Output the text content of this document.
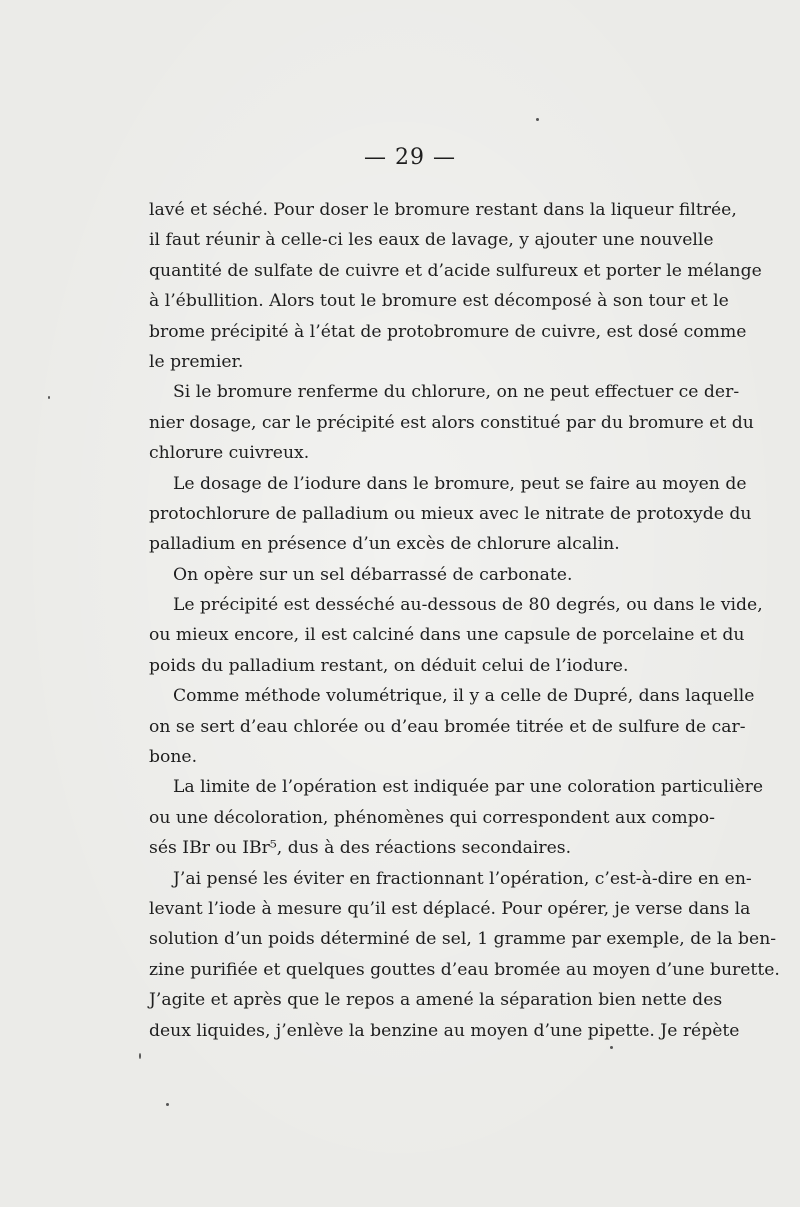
— 29 —
lavé et séché. Pour doser le bromure restant dans la liqueur filtrée,
il faut réunir à celle-ci les eaux de lavage, y ajouter une nouvelle
quantité de sulfate de cuivre et d’acide sulfureux et porter le mélange
à l’ébullition. Alors tout le bromure est décomposé à son tour et le
brome précipité à l’état de protobromure de cuivre, est dosé comme
le premier.
Si le bromure renferme du chlorure, on ne peut effectuer ce der-
nier dosage, car le précipité est alors constitué par du bromure et du
chlorure cuivreux.
Le dosage de l’iodure dans le bromure, peut se faire au moyen de
protochlorure de palladium ou mieux avec le nitrate de protoxyde du
palladium en présence d’un excès de chlorure alcalin.
On opère sur un sel débarrassé de carbonate.
Le précipité est desséché au-dessous de 80 degrés, ou dans le vide,
ou mieux encore, il est calciné dans une capsule de porcelaine et du
poids du palladium restant, on déduit celui de l’iodure.
Comme méthode volumétrique, il y a celle de Dupré, dans laquelle
on se sert d’eau chlorée ou d’eau bromée titrée et de sulfure de car-
bone.
La limite de l’opération est indiquée par une coloration particulière
ou une décoloration, phénomènes qui correspondent aux compo-
sés IBr ou IBr⁵, dus à des réactions secondaires.
J’ai pensé les éviter en fractionnant l’opération, c’est-à-dire en en-
levant l’iode à mesure qu’il est déplacé. Pour opérer, je verse dans la
solution d’un poids déterminé de sel, 1 gramme par exemple, de la ben-
zine purifiée et quelques gouttes d’eau bromée au moyen d’une burette.
J’agite et après que le repos a amené la séparation bien nette des
deux liquides, j’enlève la benzine au moyen d’une pipette. Je répète
